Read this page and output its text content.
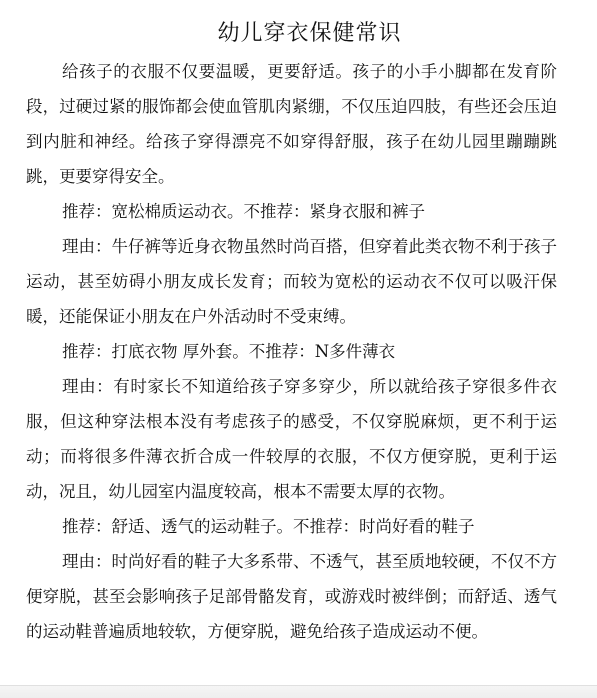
幼儿穿衣保健常识

给孩子的衣服不仅要温暖，更要舒适。孩子的小手小脚都在发育阶段，过硬过紧的服饰都会使血管肌肉紧绷，不仅压迫四肢，有些还会压迫到内脏和神经。给孩子穿得漂亮不如穿得舒服，孩子在幼儿园里蹦蹦跳跳，更要穿得安全。

推荐：宽松棉质运动衣。不推荐：紧身衣服和裤子

理由：牛仔裤等近身衣物虽然时尚百搭，但穿着此类衣物不利于孩子运动，甚至妨碍小朋友成长发育；而较为宽松的运动衣不仅可以吸汗保暖，还能保证小朋友在户外活动时不受束缚。

推荐：打底衣物 厚外套。不推荐：N多件薄衣

理由：有时家长不知道给孩子穿多穿少，所以就给孩子穿很多件衣服，但这种穿法根本没有考虑孩子的感受，不仅穿脱麻烦，更不利于运动；而将很多件薄衣折合成一件较厚的衣服，不仅方便穿脱，更利于运动，况且，幼儿园室内温度较高，根本不需要太厚的衣物。

推荐：舒适、透气的运动鞋子。不推荐：时尚好看的鞋子

理由：时尚好看的鞋子大多系带、不透气，甚至质地较硬，不仅不方便穿脱，甚至会影响孩子足部骨骼发育，或游戏时被绊倒；而舒适、透气的运动鞋普遍质地较软，方便穿脱，避免给孩子造成运动不便。
